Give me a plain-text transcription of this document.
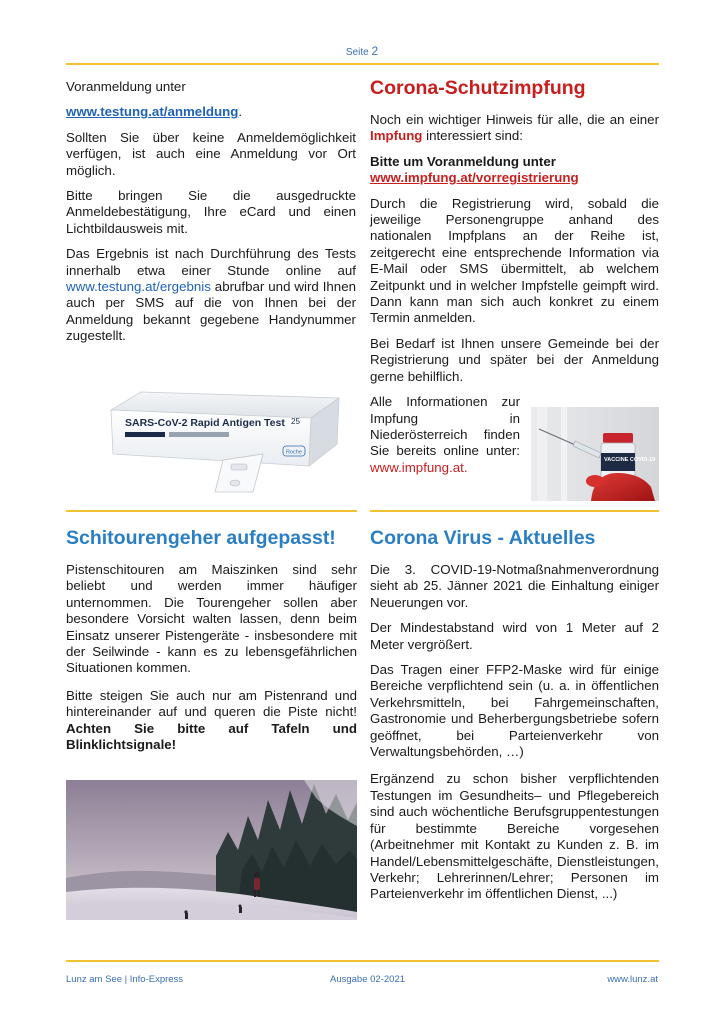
Seite 2

Voranmeldung unter

www.testung.at/anmeldung.

Sollten Sie über keine Anmeldemöglichkeit verfügen, ist auch eine Anmeldung vor Ort möglich.

Bitte bringen Sie die ausgedruckte Anmeldebestätigung, Ihre eCard und einen Lichtbildausweis mit.

Das Ergebnis ist nach Durchführung des Tests innerhalb etwa einer Stunde online auf www.testung.at/ergebnis abrufbar und wird Ihnen auch per SMS auf die von Ihnen bei der Anmeldung bekannt gegebene Handynummer zugestellt.

SARS-CoV-2 Rapid Antigen Test 25
Roche
Corona-Schutzimpfung

Noch ein wichtiger Hinweis für alle, die an einer Impfung interessiert sind:

Bitte um Voranmeldung unter
www.impfung.at/vorregistrierung

Durch die Registrierung wird, sobald die jeweilige Personengruppe anhand des nationalen Impfplans an der Reihe ist, zeitgerecht eine entsprechende Information via E-Mail oder SMS übermittelt, ab welchem Zeitpunkt und in welcher Impfstelle geimpft wird. Dann kann man sich auch konkret zu einem Termin anmelden.

Bei Bedarf ist Ihnen unsere Gemeinde bei der Registrierung und später bei der Anmeldung gerne behilflich.

Alle Informationen zur Impfung in Niederösterreich finden Sie bereits online unter: www.impfung.at.	VACCINE COVID-19
Schitourengeher aufgepasst!

Pistenschitouren am Maiszinken sind sehr beliebt und werden immer häufiger unternommen. Die Tourengeher sollen aber besondere Vorsicht walten lassen, denn beim Einsatz unserer Pistengeräte - insbesondere mit der Seilwinde - kann es zu lebensgefährlichen Situationen kommen.

Bitte steigen Sie auch nur am Pistenrand und hintereinander auf und queren die Piste nicht! Achten Sie bitte auf Tafeln und Blinklichtsignale!

Corona Virus - Aktuelles

Die 3. COVID-19-Notmaßnahmenverordnung sieht ab 25. Jänner 2021 die Einhaltung einiger Neuerungen vor.

Der Mindestabstand wird von 1 Meter auf 2 Meter vergrößert.

Das Tragen einer FFP2-Maske wird für einige Bereiche verpflichtend sein (u. a. in öffentlichen Verkehrsmitteln, bei Fahrgemeinschaften, Gastronomie und Beherbergungsbetriebe sofern geöffnet, bei Parteienverkehr von Verwaltungsbehörden, …)

Ergänzend zu schon bisher verpflichtenden Testungen im Gesundheits– und Pflegebereich sind auch wöchentliche Berufsgruppentestungen für bestimmte Bereiche vorgesehen (Arbeitnehmer mit Kontakt zu Kunden z. B. im Handel/Lebensmittelgeschäfte, Dienstleistungen, Verkehr; Lehrerinnen/Lehrer; Personen im Parteienverkehr im öffentlichen Dienst, ...)

Lunz am See | Info-Express	Ausgabe 02-2021	www.lunz.at
